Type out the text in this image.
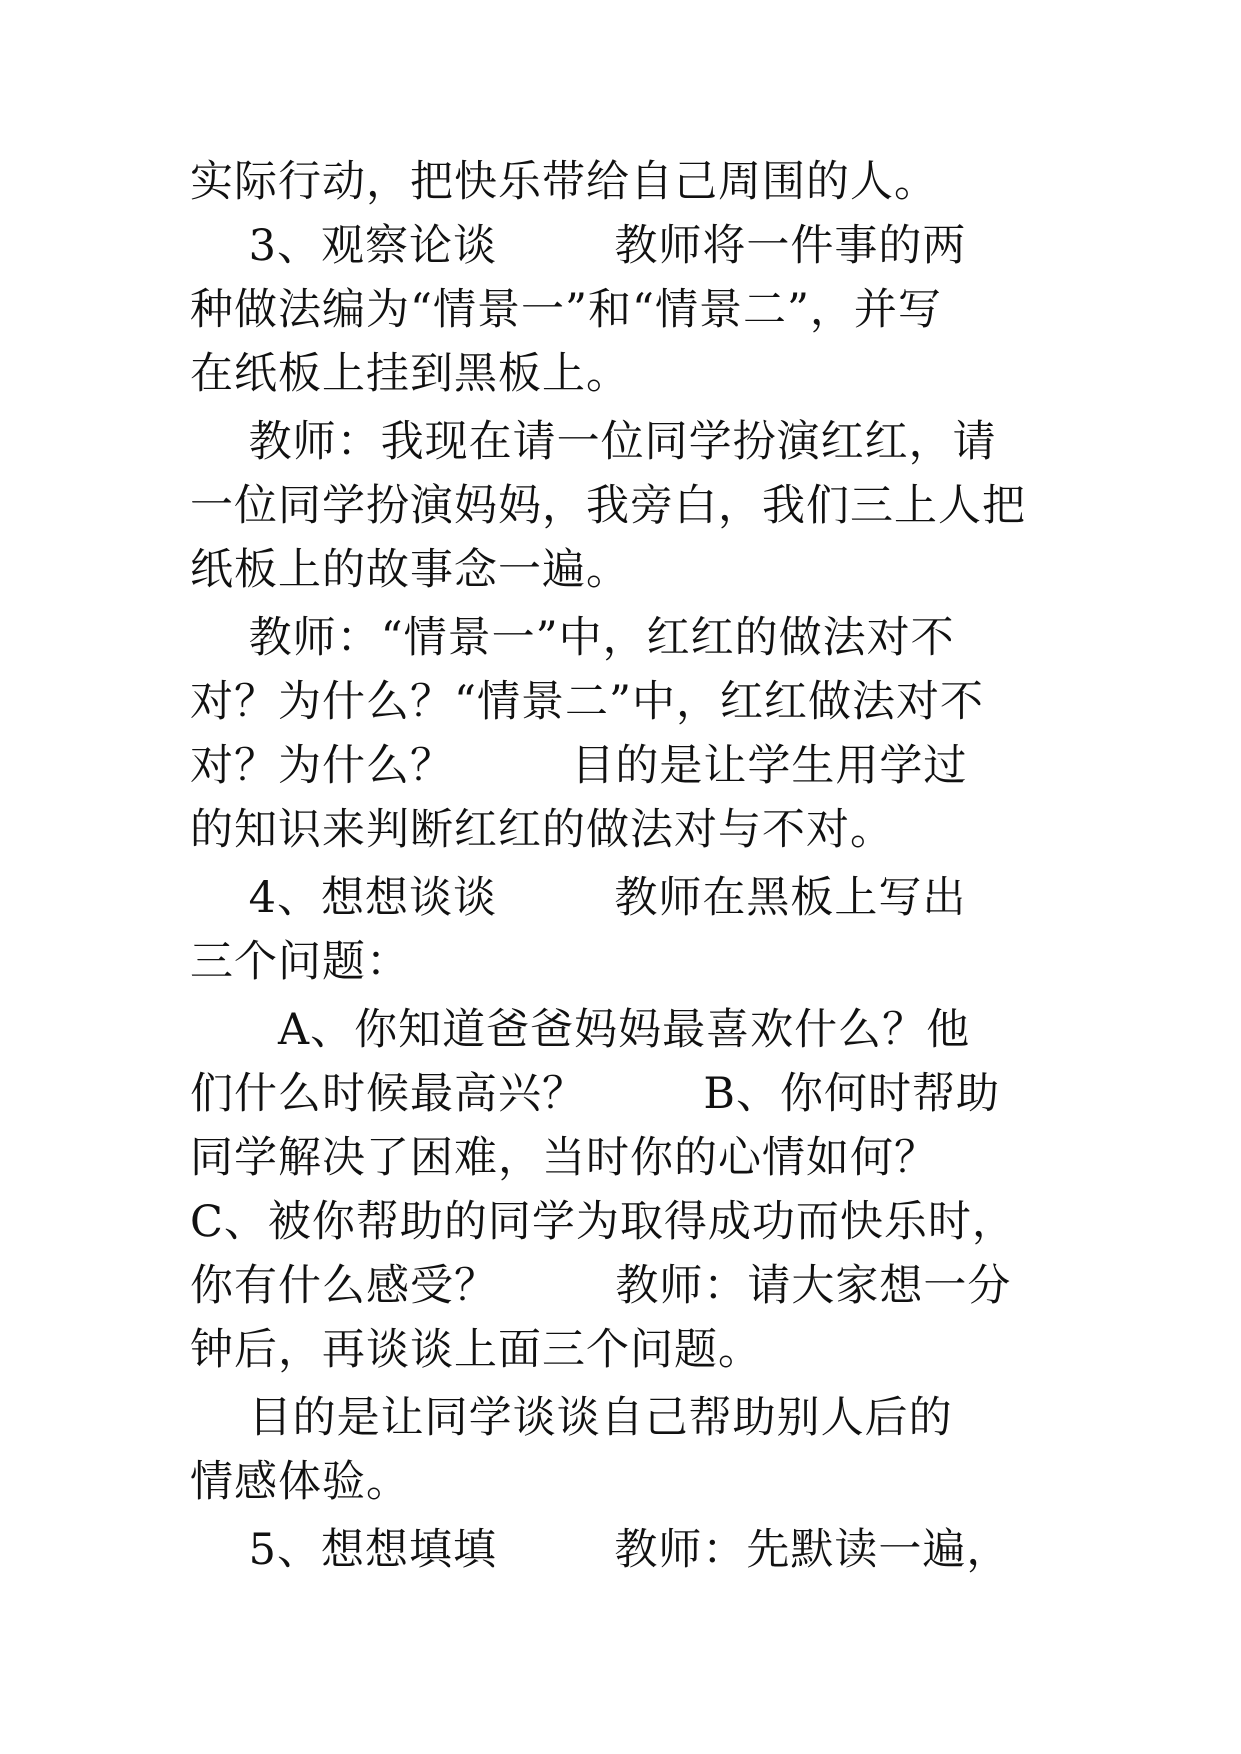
实际行动，把快乐带给自己周围的人。
3、观察论谈        教师将一件事的两
种做法编为“情景一”和“情景二”，并写
在纸板上挂到黑板上。
教师：我现在请一位同学扮演红红，请
一位同学扮演妈妈，我旁白，我们三上人把
纸板上的故事念一遍。
教师：“情景一”中，红红的做法对不
对？为什么？“情景二”中，红红做法对不
对？为什么？        目的是让学生用学过
的知识来判断红红的做法对与不对。
4、想想谈谈        教师在黑板上写出
三个问题：
A、你知道爸爸妈妈最喜欢什么？他
们什么时候最高兴？        B、你何时帮助
同学解决了困难，当时你的心情如何？
C、被你帮助的同学为取得成功而快乐时，
你有什么感受？        教师：请大家想一分
钟后，再谈谈上面三个问题。
目的是让同学谈谈自己帮助别人后的
情感体验。
5、想想填填        教师：先默读一遍，
